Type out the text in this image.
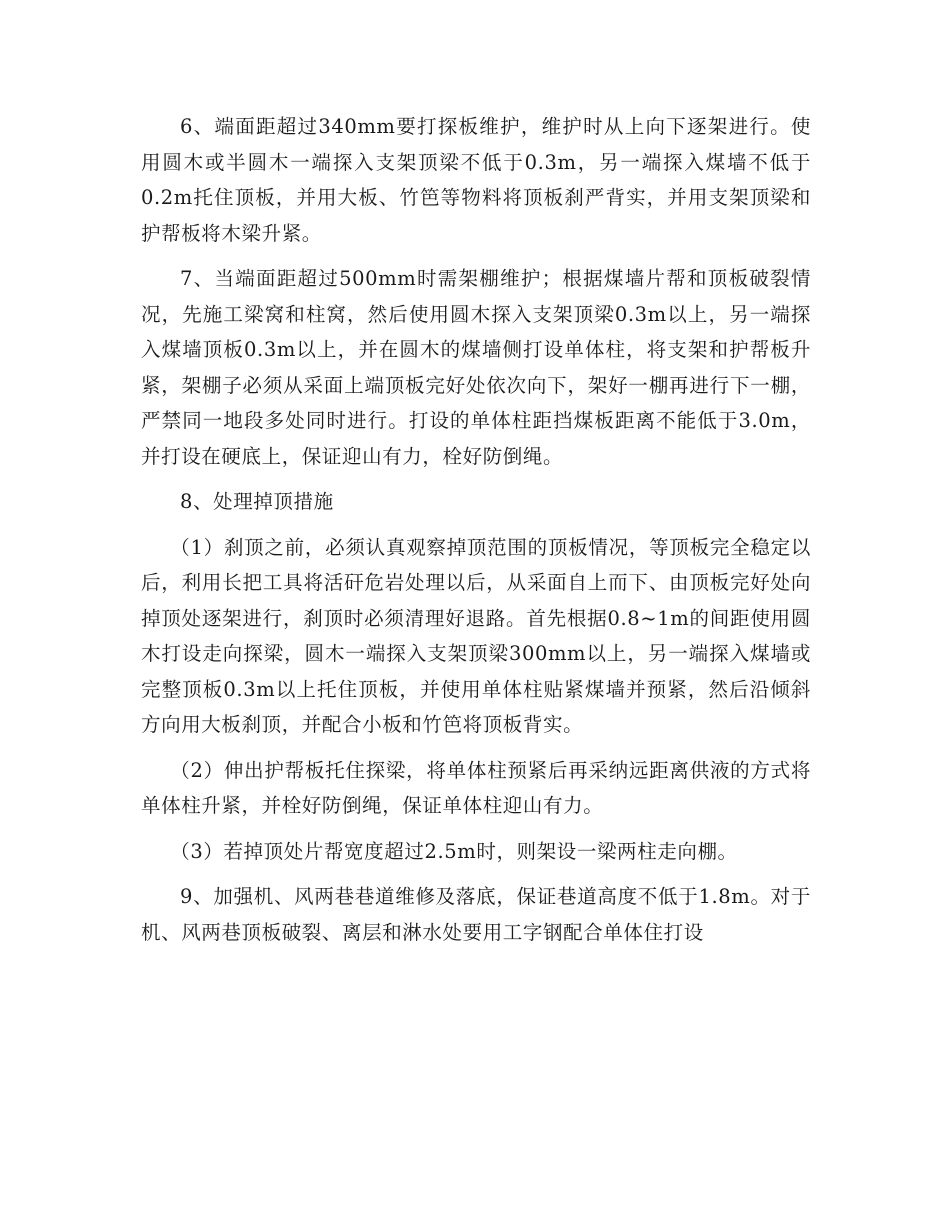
6、端面距超过340mm要打探板维护，维护时从上向下逐架进行。使用圆木或半圆木一端探入支架顶梁不低于0.3m，另一端探入煤墙不低于0.2m托住顶板，并用大板、竹笆等物料将顶板刹严背实，并用支架顶梁和护帮板将木梁升紧。

7、当端面距超过500mm时需架棚维护；根据煤墙片帮和顶板破裂情况，先施工梁窝和柱窝，然后使用圆木探入支架顶梁0.3m以上，另一端探入煤墙顶板0.3m以上，并在圆木的煤墙侧打设单体柱，将支架和护帮板升紧，架棚子必须从采面上端顶板完好处依次向下，架好一棚再进行下一棚，严禁同一地段多处同时进行。打设的单体柱距挡煤板距离不能低于3.0m，并打设在硬底上，保证迎山有力，栓好防倒绳。

8、处理掉顶措施

（1）刹顶之前，必须认真观察掉顶范围的顶板情况，等顶板完全稳定以后，利用长把工具将活矸危岩处理以后，从采面自上而下、由顶板完好处向掉顶处逐架进行，刹顶时必须清理好退路。首先根据0.8~1m的间距使用圆木打设走向探梁，圆木一端探入支架顶梁300mm以上，另一端探入煤墙或完整顶板0.3m以上托住顶板，并使用单体柱贴紧煤墙并预紧，然后沿倾斜方向用大板刹顶，并配合小板和竹笆将顶板背实。

（2）伸出护帮板托住探梁，将单体柱预紧后再采纳远距离供液的方式将单体柱升紧，并栓好防倒绳，保证单体柱迎山有力。

（3）若掉顶处片帮宽度超过2.5m时，则架设一梁两柱走向棚。

9、加强机、风两巷巷道维修及落底，保证巷道高度不低于1.8m。对于机、风两巷顶板破裂、离层和淋水处要用工字钢配合单体住打设
